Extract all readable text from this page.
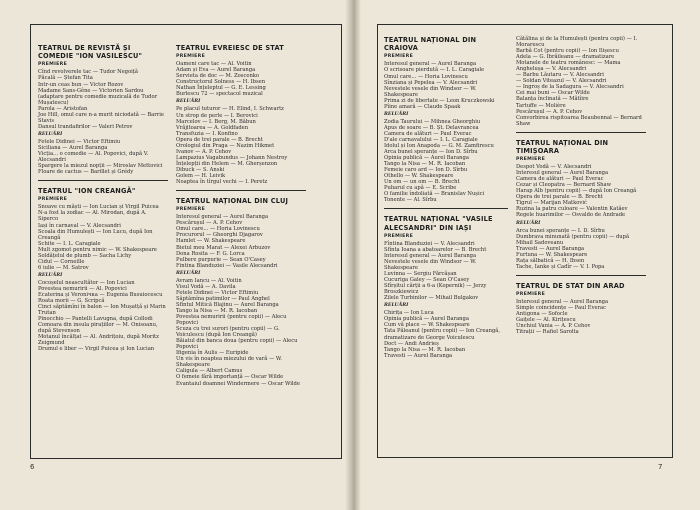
TEATRUL DE REVISTĂ ȘI COMEDIE "ION VASILESCU"
PREMIERE
Cînd revolverele tac — Tudor Negoiță
Păcală — Ștefan Tita
Intr-un ceas bun — Victor Rozov
Madame Sans-Gêne — Victorien Sardou (adaptare pentru comedie muzicală de Tudor Mușatescu)
Parola — Aristofan
Joe Hill, omul care n-a murit niciodată — Barrie Stavis
Dansul trandafirilor — Valeri Petrov
RELUĂRI
Fetele Didinei — Victor Eftimiu
Siciliana — Aurel Baranga
Vicția... o comedie — Al. Popovici, după V. Alecsandri
Spargere la miezul nopții — Miroslav Mettovici
Floare de cactus — Barillet și Grédy
TEATRUL "ION CREANGĂ"
PREMIERE
Snoave cu măști — Ion Lucian și Virgil Puicea
N-a fost la zodiac — Al. Mirodan, după A. Siperco
Iași în carnaval — V. Alecsandri
Scoala din Humulești — Ion Lucu, după Ion Creangă
Schite — I. L. Caragiale
Mult zgomot pentru nimic — W. Shakespeare
Soldățelul de plumb — Sacha Lichy
Cidul — Corneille
6 iulie — M. Satrov
RELUĂRI
Cocoșelul neascultător — Ion Lucian
Povestea nemuririi — Al. Popovici
Ecaterina și Veroniчка — Eugenia Busuiocescu
Roata morii — G. Scripcă
Cinci săptămîni în balon — Ion Mușatță și Marin Trutan
Pinocchio — Pantelli Lavugna, după Collodi
Comoara din insula pirațiilor — M. Onisoanu, după Stevenson
Motanul încălțat — Al. Andrițoiu, după Moritz Zeigmund
Drumul e liber — Virgil Puicea și Ion Lucian
TEATRUL EVREIESC DE STAT
PREMIERE
Oameni care tac — Al. Voitin
Adam și Eva — Aurel Baranga
Servieta de doc — M. Zoscenko
Constructorul Solness — H. Ibsen
Nathan Înțeleptul — G. E. Lessing
Burlescu 72 — spectacol muzical
RELUĂRI
Pe placul tuturor — H. Elind, I. Schwartz
Un strop de perle — I. Berovici
Marcelov — I. Berg, M. Băbun
Vrăjitoarea — A. Goldfaden
Transfuzia — I. Konfino
Opera de trei parale — B. Brecht
Orologiul din Praga — Nazim Hikmet
Ivanov — A. P. Cehov
Lampazius Vagabundus — Johann Nestroy
Înțelepții din Helem — M. Gherșenzon
Dibuck — S. Anski
Golem — H. Leivik
Noaptea în tîrgul vechi — I. Peretz
TEATRUL NAȚIONAL DIN CLUJ
PREMIERE
Interesul general — Aurel Baranga
Pescărușul — A. P. Cehov
Omul care... — Horia Lovinescu
Procurorul — Gheorghi Djagarov
Hamlet — W. Shakespeare
Bietul meu Marat — Alexei Arbuzov
Dona Rosita — F. G. Lorca
Pulbere purpurie — Sean O'Casey
Fintina Blanduziei — Vasile Alecsandri
RELUĂRI
Avram Iancu — Al. Voitin
Visul Vodă — A. Davila
Fetele Didinei — Victor Eftimiu
Săptămîna patimilor — Paul Anghel
Sfîntul Mitică Blajinu — Aurel Baranga
Tango la Nisa — M. R. Iacoban
Povestea nemuririi (pentru copii) — Alecu Popovici
Scuza cu trei surori (pentru copii) — G. Voiculescu (după Ion Creangă)
Băiatul din banca doua (pentru copii) — Alecu Popovici
Ifigenia în Aulis — Euripide
Un vis în noaptea miezului de vară — W. Shakespeare
Caligula — Albert Camus
O femeie fără importanță — Oscar Wilde
Evantaiul doamnei Windermere — Oscar Wilde
6
TEATRUL NAȚIONAL DIN CRAIOVA
PREMIERE
Interesul general — Aurel Baranga
O scrisoare pierdută — I. L. Caragiale
Omul care... — Horia Lovinescu
Sînziana și Pepelea — V. Alecsandri
Nevestele vesele din Windsor — W. Shakespeare
Prima zi de libertate — Leon Kruczkowski
Pîine amară — Claude Spaak
RELUĂRI
Zodia Taurului — Mihnea Gheorghiu
Apus de soare — B. Șt. Delavrancea
Camera de alături — Paul Everac
D'ale carnavalului — I. L. Caragiale
Idolul și Ion Anapoda — G. M. Zamfirescu
Arca bunei speranțe — Ion D. Sîrbu
Opinia publică — Aurel Baranga
Tango la Nisa — M. R. Iacoban
Femeie caro ard — Ion D. Sîrbu
Othello — W. Shakespeare
Un om — un om — B. Brecht
Puharul cu apă — E. Scribe
O familie îndoliată — Branislav Nușici
Tonente — Al. Sîrbu
TEATRUL NAȚIONAL "VASILE ALECSANDRI" DIN IAȘI
PREMIERE
Fîntina Blanduziei — V. Alecsandri
Sfînta Ioana a abatoarelor — B. Brecht
Interesul general — Aurel Baranga
Nevestele vesele din Windsor — W. Shakespeare
Luvinna — Sergiu Fărcășan
Cucuriga Galey — Sean O'Casey
Sfîrșitul cărții a 6-a (Kopernik) — Jerzy Broszkiewicz
Zilele Turbinilor — Mihail Bulgakov
RELUĂRI
Chirița — Ion Luca
Opinia publică — Aurel Baranga
Cum vă place — W. Shakespeare
Tata Păleanul (pentru copii) — Ion Creangă, dramatizare de George Voiculescu
Doct — Andi Andrieș
Tango la Nisa — M. R. Iacoban
Travesti — Aurel Baranga
Cătălina și de la Humulești (pentru copii) — I. Morarescu
Barbă Cot (pentru copii) — Ion Ilișescu
Adela — G. Ibrăileanu — dramatizare
Motanele de teatru românesc: — Mama Anghelușa — V. Alecsandri
— Barbu Lăutaru — V. Alecsandri
— Soldan Viteazul — V. Alecsandri
— Ingroș de la Sadagura — V. Alecsandri
Cei mai buni — Oscar Wilde
Balanța înclinată — Mătîire
Tartuffe — Molière
Pescărușul — A. P. Cehov
Convorbirea rispitoarea Beaubennal — Bernard Shaw
TEATRUL NAȚIONAL DIN TIMIȘOARA
PREMIERE
Despot Vodă — V. Alecsandri
Interesul general — Aurel Baranga
Camera de alături — Paul Everac
Cezar și Cleopatra — Bernard Shaw
Harap Alb (pentru copii) — după Ion Creangă
Opera de trei parale — B. Brecht
Tigrul — Marijan Matković
Ruzina la patru culoare — Valentin Katăev
Regele huarimilor — Osvaldo de Andrade
RELUĂRI
Arca bunei speranțe — I. D. Sîrbu
Dumbrava minunată (pentru copii) — după Mihail Sadoveanu
Travesti — Aurel Baranga
Furtuna — W. Shakespeare
Rața sălbatică — H. Ibsen
Tache, Ianke și Cadîr — V. I. Popa
TEATRUL DE STAT DIN ARAD
PREMIERE
Interesul general — Aurel Baranga
Simple coincidențe — Paul Everac
Antigona — Sofocle
Gaițele — Al. Kirițescu
Unchiul Vania — A. P. Cehov
Titrații — Rafiel Sarolta
7
